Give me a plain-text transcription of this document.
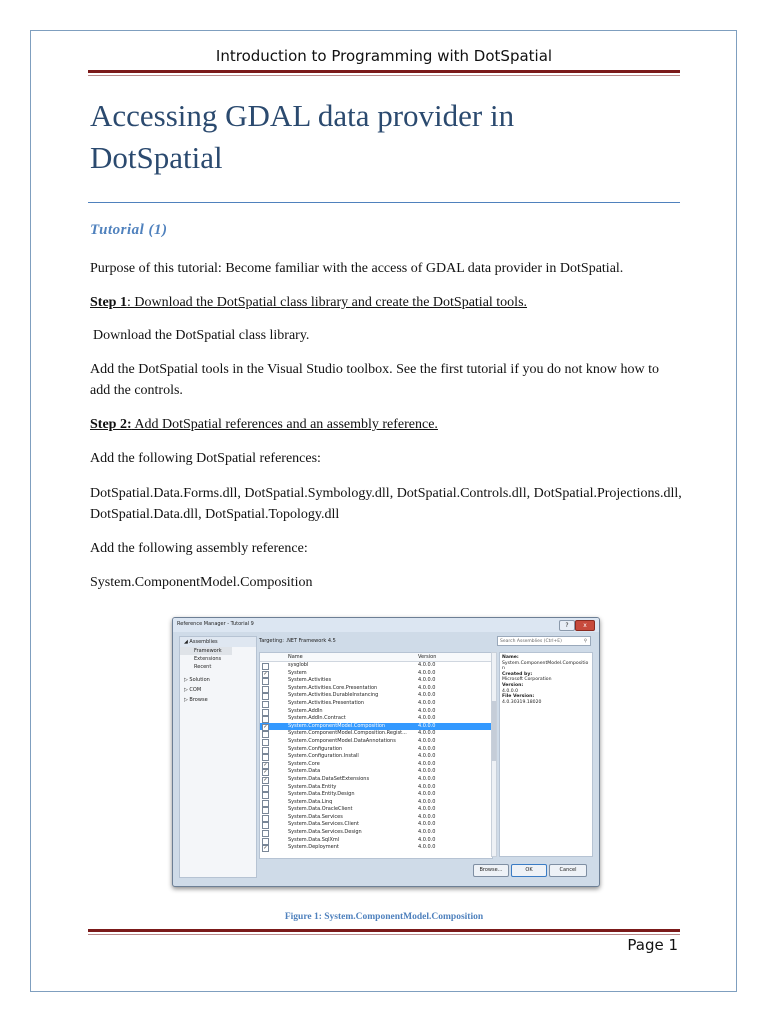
Introduction to Programming with DotSpatial
Accessing GDAL data provider in
DotSpatial
Tutorial (1)

Purpose of this tutorial: Become familiar with the access of GDAL data provider in DotSpatial.

Step 1: Download the DotSpatial class library and create the DotSpatial tools.

Download the DotSpatial class library.

Add the DotSpatial tools in the Visual Studio toolbox. See the first tutorial if you do not know how to add the controls.

Step 2: Add DotSpatial references and an assembly reference.

Add the following DotSpatial references:

DotSpatial.Data.Forms.dll, DotSpatial.Symbology.dll, DotSpatial.Controls.dll, DotSpatial.Projections.dll, DotSpatial.Data.dll, DotSpatial.Topology.dll

Add the following assembly reference:

System.ComponentModel.Composition

Reference Manager - Tutorial 9	?	x
◢ Assemblies
Framework
Extensions
Recent
▷ Solution
▷ COM
▷ Browse
Targeting: .NET Framework 4.5	Search Assemblies (Ctrl+E)	⚲
Name	Version
sysglobl	4.0.0.0
✓	System	4.0.0.0
System.Activities	4.0.0.0
System.Activities.Core.Presentation	4.0.0.0
System.Activities.DurableInstancing	4.0.0.0
System.Activities.Presentation	4.0.0.0
System.AddIn	4.0.0.0
System.AddIn.Contract	4.0.0.0
✓	System.ComponentModel.Composition	4.0.0.0
System.ComponentModel.Composition.Regist... 4.0.0.0
System.ComponentModel.DataAnnotations	4.0.0.0
System.Configuration	4.0.0.0
System.Configuration.Install	4.0.0.0
✓	System.Core	4.0.0.0
✓	System.Data	4.0.0.0
✓	System.Data.DataSetExtensions	4.0.0.0
System.Data.Entity	4.0.0.0
System.Data.Entity.Design	4.0.0.0
System.Data.Linq	4.0.0.0
System.Data.OracleClient	4.0.0.0
System.Data.Services	4.0.0.0
System.Data.Services.Client	4.0.0.0
System.Data.Services.Design	4.0.0.0
System.Data.SqlXml	4.0.0.0
✓	System.Deployment	4.0.0.0
Name:
System.ComponentModel.Composition
Created by:
Microsoft Corporation
Version:
4.0.0.0
File Version:
4.0.30319.18020
Browse...	OK	Cancel
Figure 1: System.ComponentModel.Composition
Page 1
